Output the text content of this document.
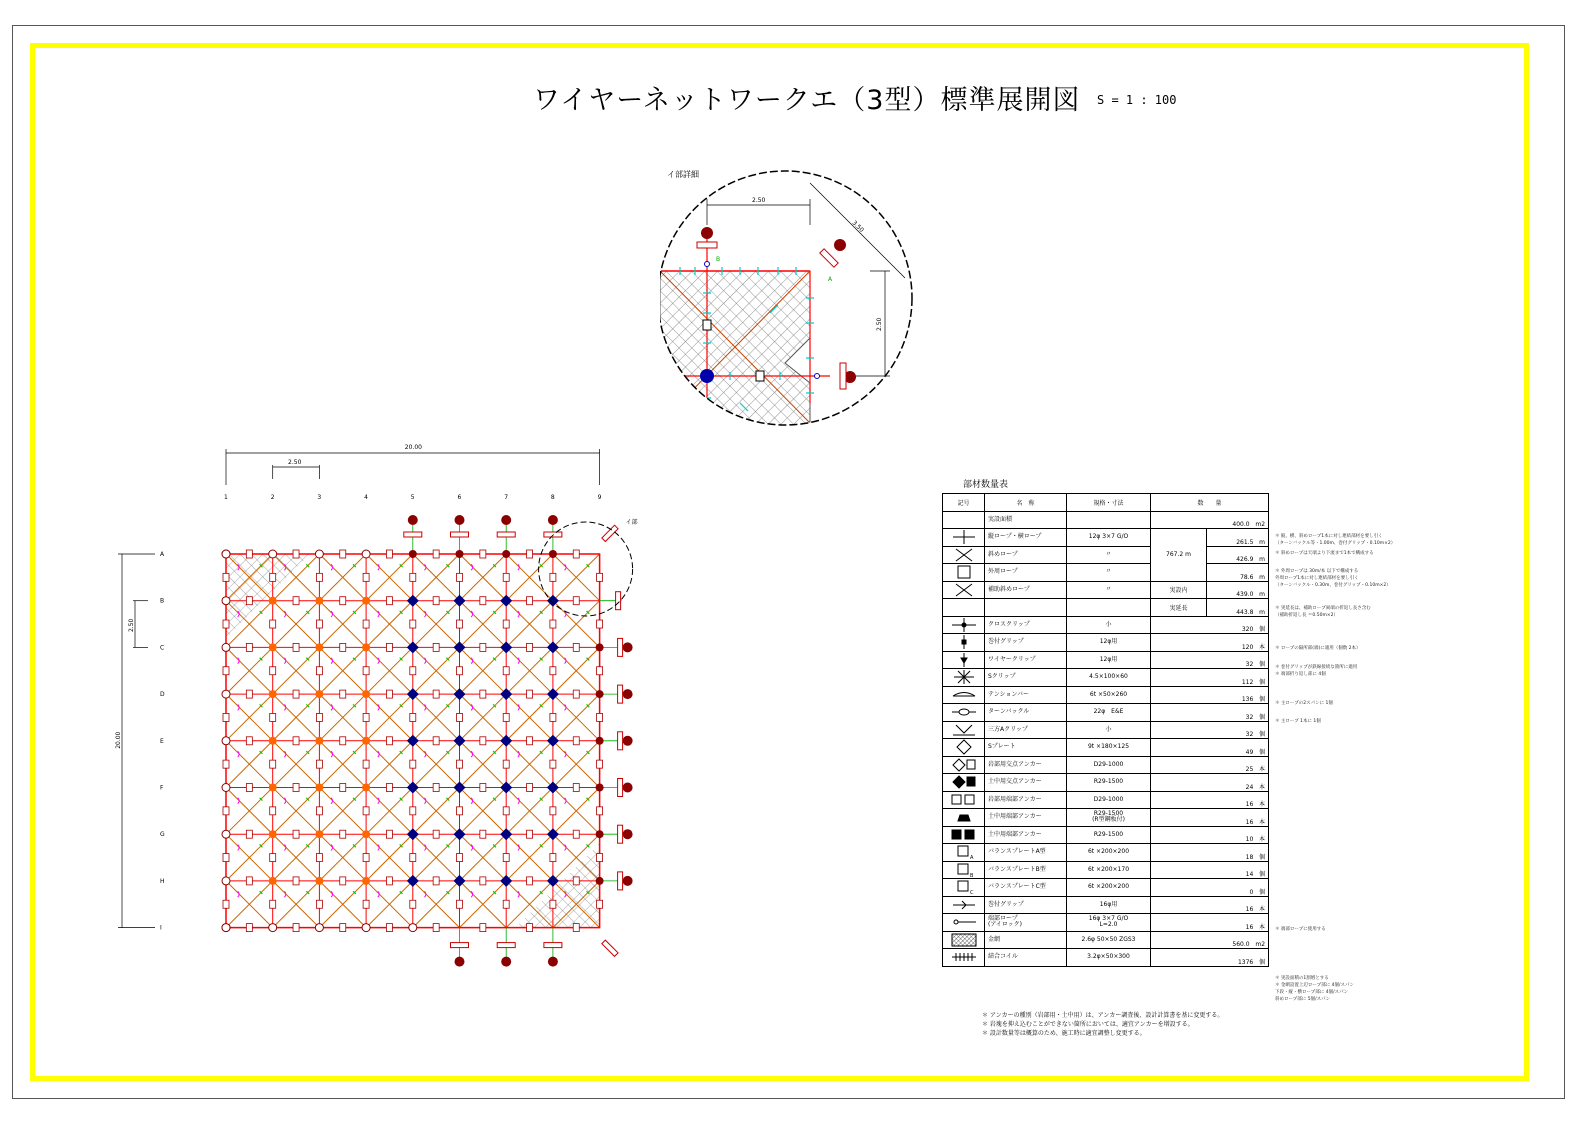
ワイヤーネットワークエ（3型）標準展開図 S = 1 : 100
イ部詳細
2.50
3.50
2.50
B
A
20.00
2.50
20.00
2.50
1	2	3	4	5	6	7	8	9
A
B
C
D
E
F
G
H
I
イ部
部材数量表
記号	名　称	規格・寸法	数　　量	
	実設面積		400.0 m2	

	縦ロープ・横ロープ	12φ 3×7 G/O	767.2 m	261.5 m

	斜めロープ	〃		426.9 m

	外周ロープ	〃		78.6 m

	補助斜めロープ	〃	実設内	439.0 m
			実延長	443.8 m

	クロスクリップ	小	320 個	

	巻付グリップ	12φ用	120 本	

	ワイヤークリップ	12φ用	32 個	

	Sクリップ	4.5×100×60	112 個	

	テンションバー	6t ×50×260	136 個	

	ターンバックル	22φ　E&E	32 個	

	三方Aクリップ	小	32 個	

	Sプレート	9t ×180×125	49 個	

	岩部用交点アンカー	D29-1000	25 本	

	土中用交点アンカー	R29-1500	24 本	

	岩部用端部アンカー	D29-1000	16 本	

	土中用端部アンカー	R29-1500
(R型鋼板付)	16 本	

	土中用端部アンカー	R29-1500	10 本	

A	バランスプレートA型	6t ×200×200	18 個	

B	バランスプレートB型	6t ×200×170	14 個	

C	バランスプレートC型	6t ×200×200	0 個	

	巻付グリップ	16φ用	16 本	

	端部ロープ
(アイロック)	16φ 3×7 G/O
L=2.0	16 本	

	金網	2.6φ 50×50 ZGS3	560.0 m2	

	結合コイル	3.2φ×50×300	1376 個	
＊ アンカーの種別（岩部用・土中用）は、アンカー調査後、設計計算書を基に変更する。
＊ 岩塊を抑え込むことができない箇所においては、適宜アンカーを増設する。
＊ 設計数量等は概算のため、施工時に適宜調整し変更する。
＊ 縦、横、斜めロープ1本に対し連結部材を要し引く
（ターンバックル等・1.00m、巻付グリップ・0.10m×2）
＊ 斜めロープは天端より下流まで1本で構成する
＊ 外周ロープは 30m/本 以下で構成する
外周ロープ1本に対し連結部材を要し引く
（ターンバックル・0.30m、巻付グリップ・0.10m×2）
＊ 実延長は、補助ロープ両端の折返し長さ含む
（補助折返し長 ＝0.50m×2）
＊ ロープの隔所部(端)に適用（個数 2本）
＊ 巻付グリップが鉄線接続な箇所に適用
＊ 端部折り返し部に 4個
＊ 主ロープの2スパンに 1個
＊ 主ロープ 1本に 1個
＊ 端部ロープに使用する
＊ 実設面積の1割増とする
＊ 金網設置上辺ロープ部に 4個/スパン
下段・縦・横ロープ部に 4個/スパン
斜めロープ部に 5個/スパン
